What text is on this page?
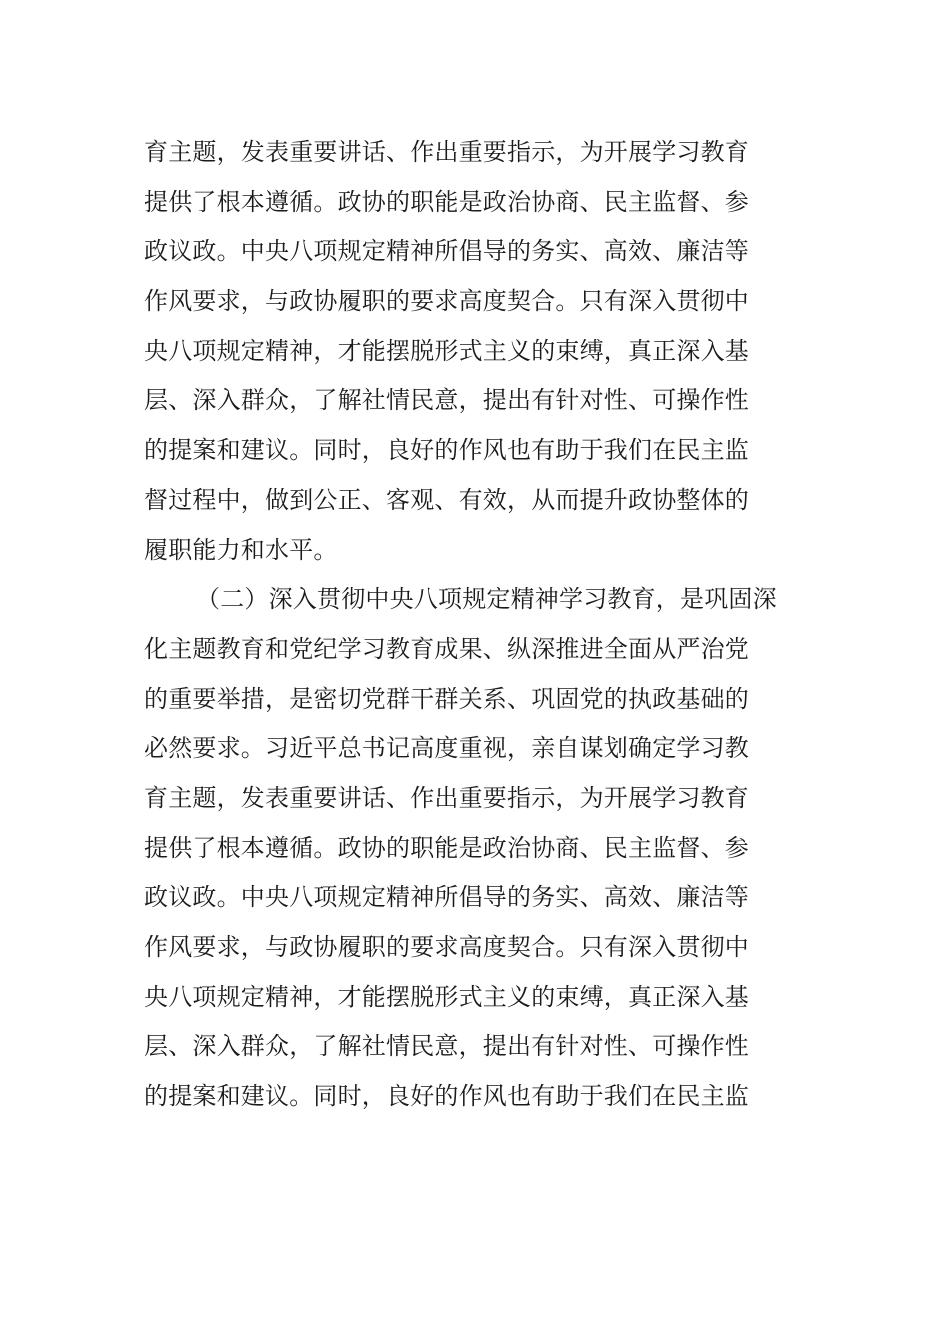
育主题，发表重要讲话、作出重要指示，为开展学习教育
提供了根本遵循。政协的职能是政治协商、民主监督、参
政议政。中央八项规定精神所倡导的务实、高效、廉洁等
作风要求，与政协履职的要求高度契合。只有深入贯彻中
央八项规定精神，才能摆脱形式主义的束缚，真正深入基
层、深入群众，了解社情民意，提出有针对性、可操作性
的提案和建议。同时，良好的作风也有助于我们在民主监
督过程中，做到公正、客观、有效，从而提升政协整体的
履职能力和水平。
（二）深入贯彻中央八项规定精神学习教育，是巩固深
化主题教育和党纪学习教育成果、纵深推进全面从严治党
的重要举措，是密切党群干群关系、巩固党的执政基础的
必然要求。习近平总书记高度重视，亲自谋划确定学习教
育主题，发表重要讲话、作出重要指示，为开展学习教育
提供了根本遵循。政协的职能是政治协商、民主监督、参
政议政。中央八项规定精神所倡导的务实、高效、廉洁等
作风要求，与政协履职的要求高度契合。只有深入贯彻中
央八项规定精神，才能摆脱形式主义的束缚，真正深入基
层、深入群众，了解社情民意，提出有针对性、可操作性
的提案和建议。同时，良好的作风也有助于我们在民主监
